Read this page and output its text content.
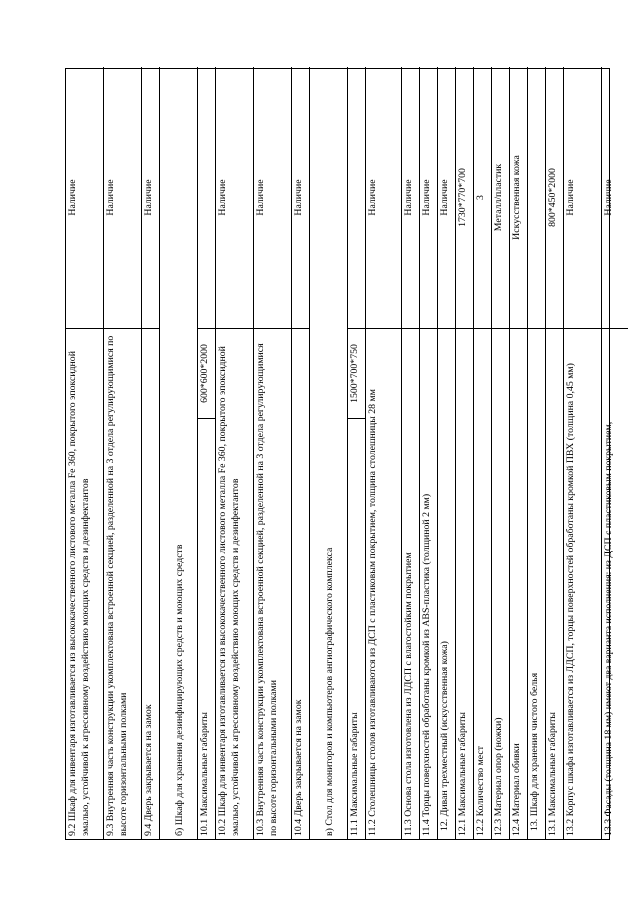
9.2 Шкаф для инвентаря изготавливается из высококачественного листового металла Fe 360, покрытого эпоксидной эмалью, устойчивой к агрессивному воздействию моющих средств и дезинфектантов
Наличие
9.3 Внутренняя часть конструкции укомплектована встроенной секцией, разделенной на 3 отдела регулирующимися по высоте горизонтальными полками
Наличие
9.4 Дверь закрывается на замок
Наличие
б) Шкаф для хранения дезинфицирующих средств и моющих средств	10.1 Максимальные габариты
600*600*2000 10.2 Шкаф для инвентаря изготавливается из высококачественного листового металла Fe 360, покрытого эпоксидной эмалью, устойчивой к агрессивному воздействию моющих средств и дезинфектантов
Наличие
10.3 Внутренняя часть конструкции укомплектована встроенной секцией, разделенной на 3 отдела регулирующимися по высоте горизонтальными полками
Наличие
10.4 Дверь закрывается на замок
Наличие
в) Стол для мониторов и компьютеров ангиографического комплекса	11.1 Максимальные габариты
1500*700*750
11.2 Столешницы столов изготавливаются из ДСП с пластиковым покрытием, толщина столешницы 28 мм
Наличие
11.3 Основа стола изготовлена из ЛДСП с влагостойким покрытием
Наличие
11.4 Торцы поверхностей обработаны кромкой из ABS-пластика (толщиной 2 мм)
Наличие
12. Диван трехместный (искусственная кожа)
Наличие
12.1 Максимальные габариты
1730*770*700
12.2 Количество мест
3
12.3 Материал опор (ножки)
Металл/пластик
12.4 Материал обивки
Искусственная кожа
13. Шкаф для хранения чистого белья 13.1 Максимальные габариты
800*450*2000
13.2 Корпус шкафа изготавливается из ЛДСП, торцы поверхностей обработаны кромкой ПВХ (толщина 0,45 мм)
Наличие
13.3 Фасады (толщина 18 мм) имеют два варианта исполнения: из ДСП с пластиковым покрытием,
Наличие
